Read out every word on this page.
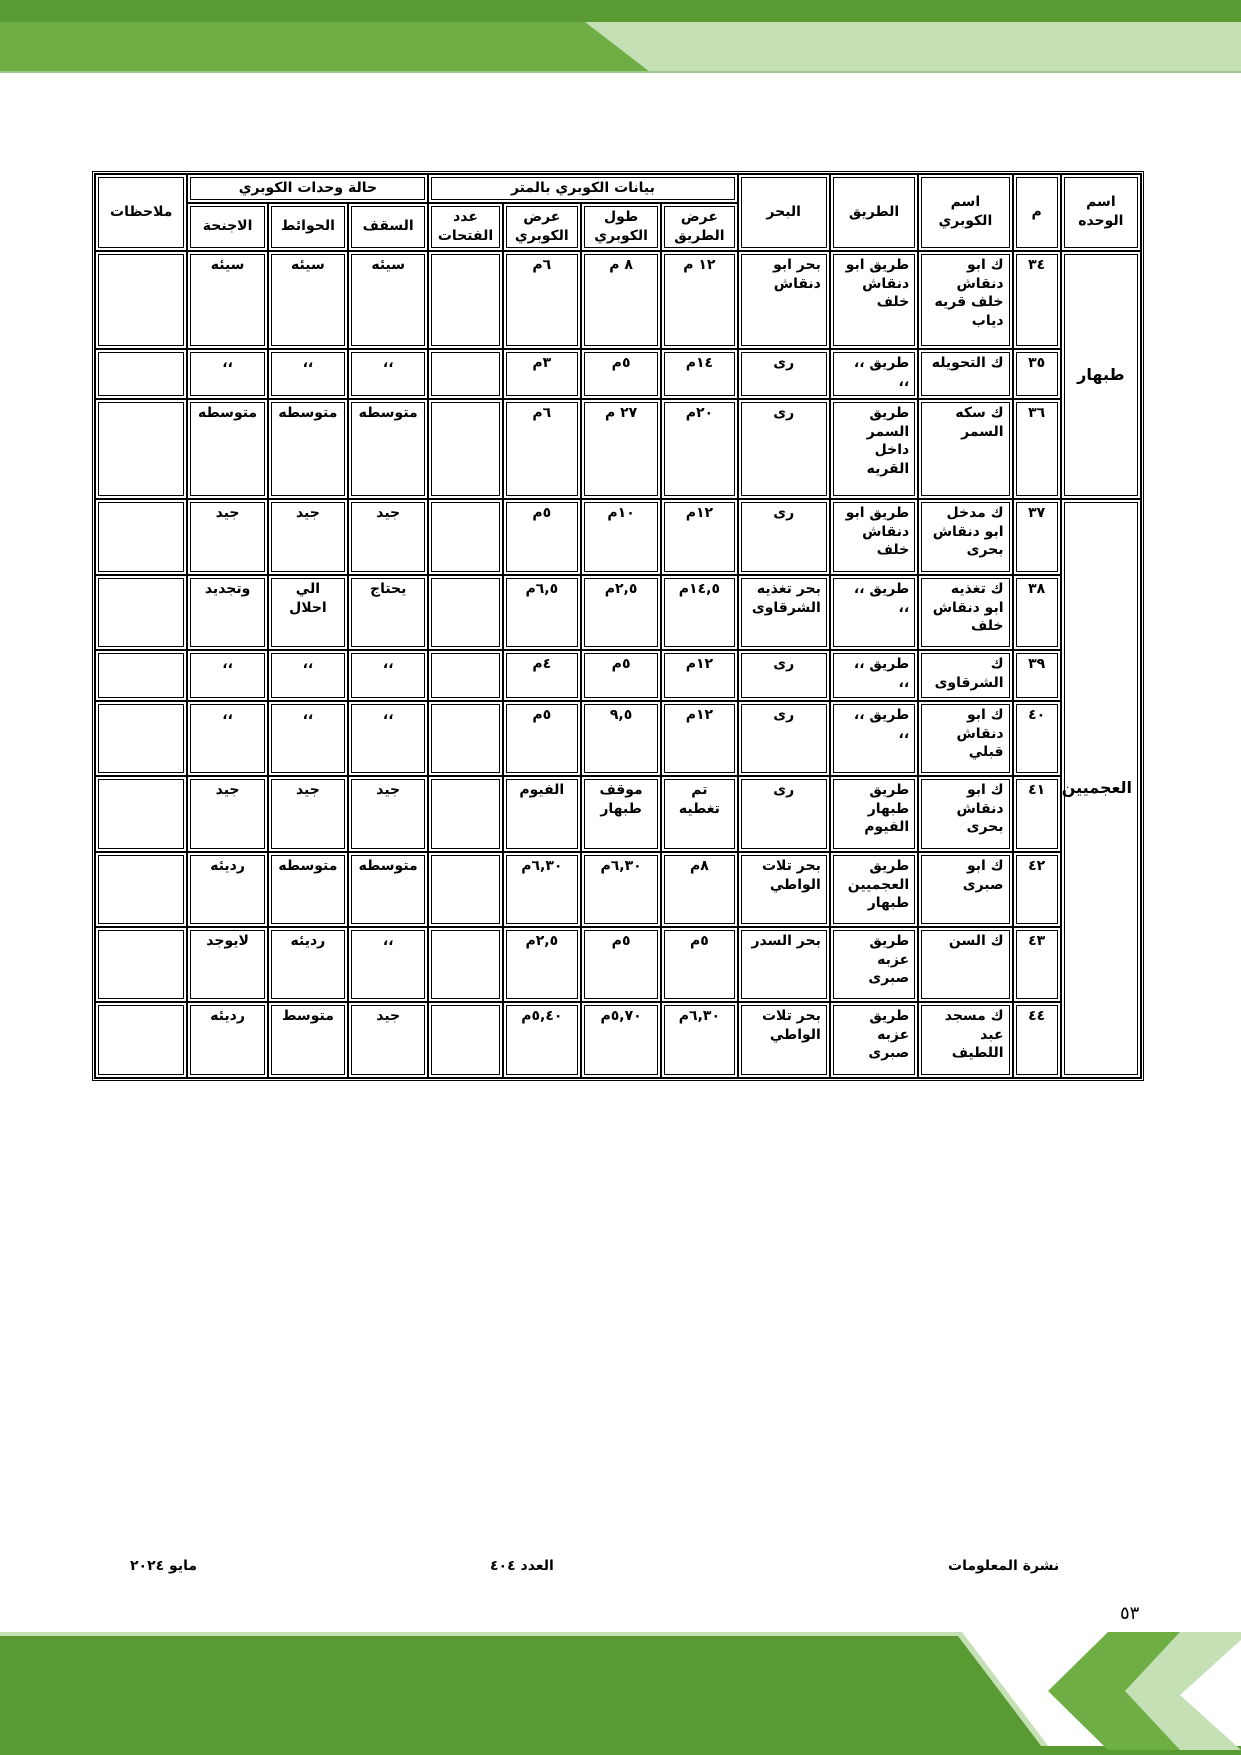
اسم الوحده	م	اسم الكوبري	الطريق	البحر	بيانات الكوبري بالمتر				حالة وحدات الكوبري			ملاحظات
					عرض الطريق	طول الكوبري	عرض الكوبري	عدد الفتحات	السقف	الحوائط	الاجنحة	
طبهار	٣٤	ك ابو دنقاش خلف قريه دياب	طريق ابو دنقاش خلف	بحر ابو دنقاش	١٢ م	٨ م	٦م		سيئه	سيئه	سيئه	
	٣٥	ك التحويله	طريق ،، ،،	رى	١٤م	٥م	٣م		،،	،،	،،	
	٣٦	ك سكه السمر	طريق السمر داخل القريه	رى	٢٠م	٢٧ م	٦م		متوسطه	متوسطه	متوسطه	
العجميين	٣٧	ك مدخل ابو دنقاش بحرى	طريق ابو دنقاش خلف	رى	١٢م	١٠م	٥م		جيد	جيد	جيد	
	٣٨	ك تغذيه ابو دنقاش خلف	طريق ،، ،،	بحر تغذيه الشرقاوى	١٤,٥م	٢,٥م	٦,٥م		يحتاج	الي احلال	وتجديد	
	٣٩	ك الشرقاوى	طريق ،، ،،	رى	١٢م	٥م	٤م		،،	،،	،،	
	٤٠	ك ابو دنقاش قبلي	طريق ،، ،،	رى	١٢م	٩,٥	٥م		،،	،،	،،	
	٤١	ك ابو دنقاش بحرى	طريق طبهار الفيوم	رى	تم تغطيه	موقف طبهار	الفيوم		جيد	جيد	جيد	
	٤٢	ك ابو صبرى	طريق العجميين طبهار	بحر تلات الواطي	٨م	٦,٣٠م	٦,٣٠م		متوسطه	متوسطه	رديئه	
	٤٣	ك السن	طريق عزبه صبرى	بحر السدر	٥م	٥م	٢,٥م		،،	رديئه	لايوجد	
	٤٤	ك مسجد عبد اللطيف	طريق عزبه صبرى	بحر تلات الواطي	٦,٣٠م	٥,٧٠م	٥,٤٠م		جيد	متوسط	رديئه	
نشرة المعلومات
العدد ٤٠٤
مايو ٢٠٢٤
٥٣
